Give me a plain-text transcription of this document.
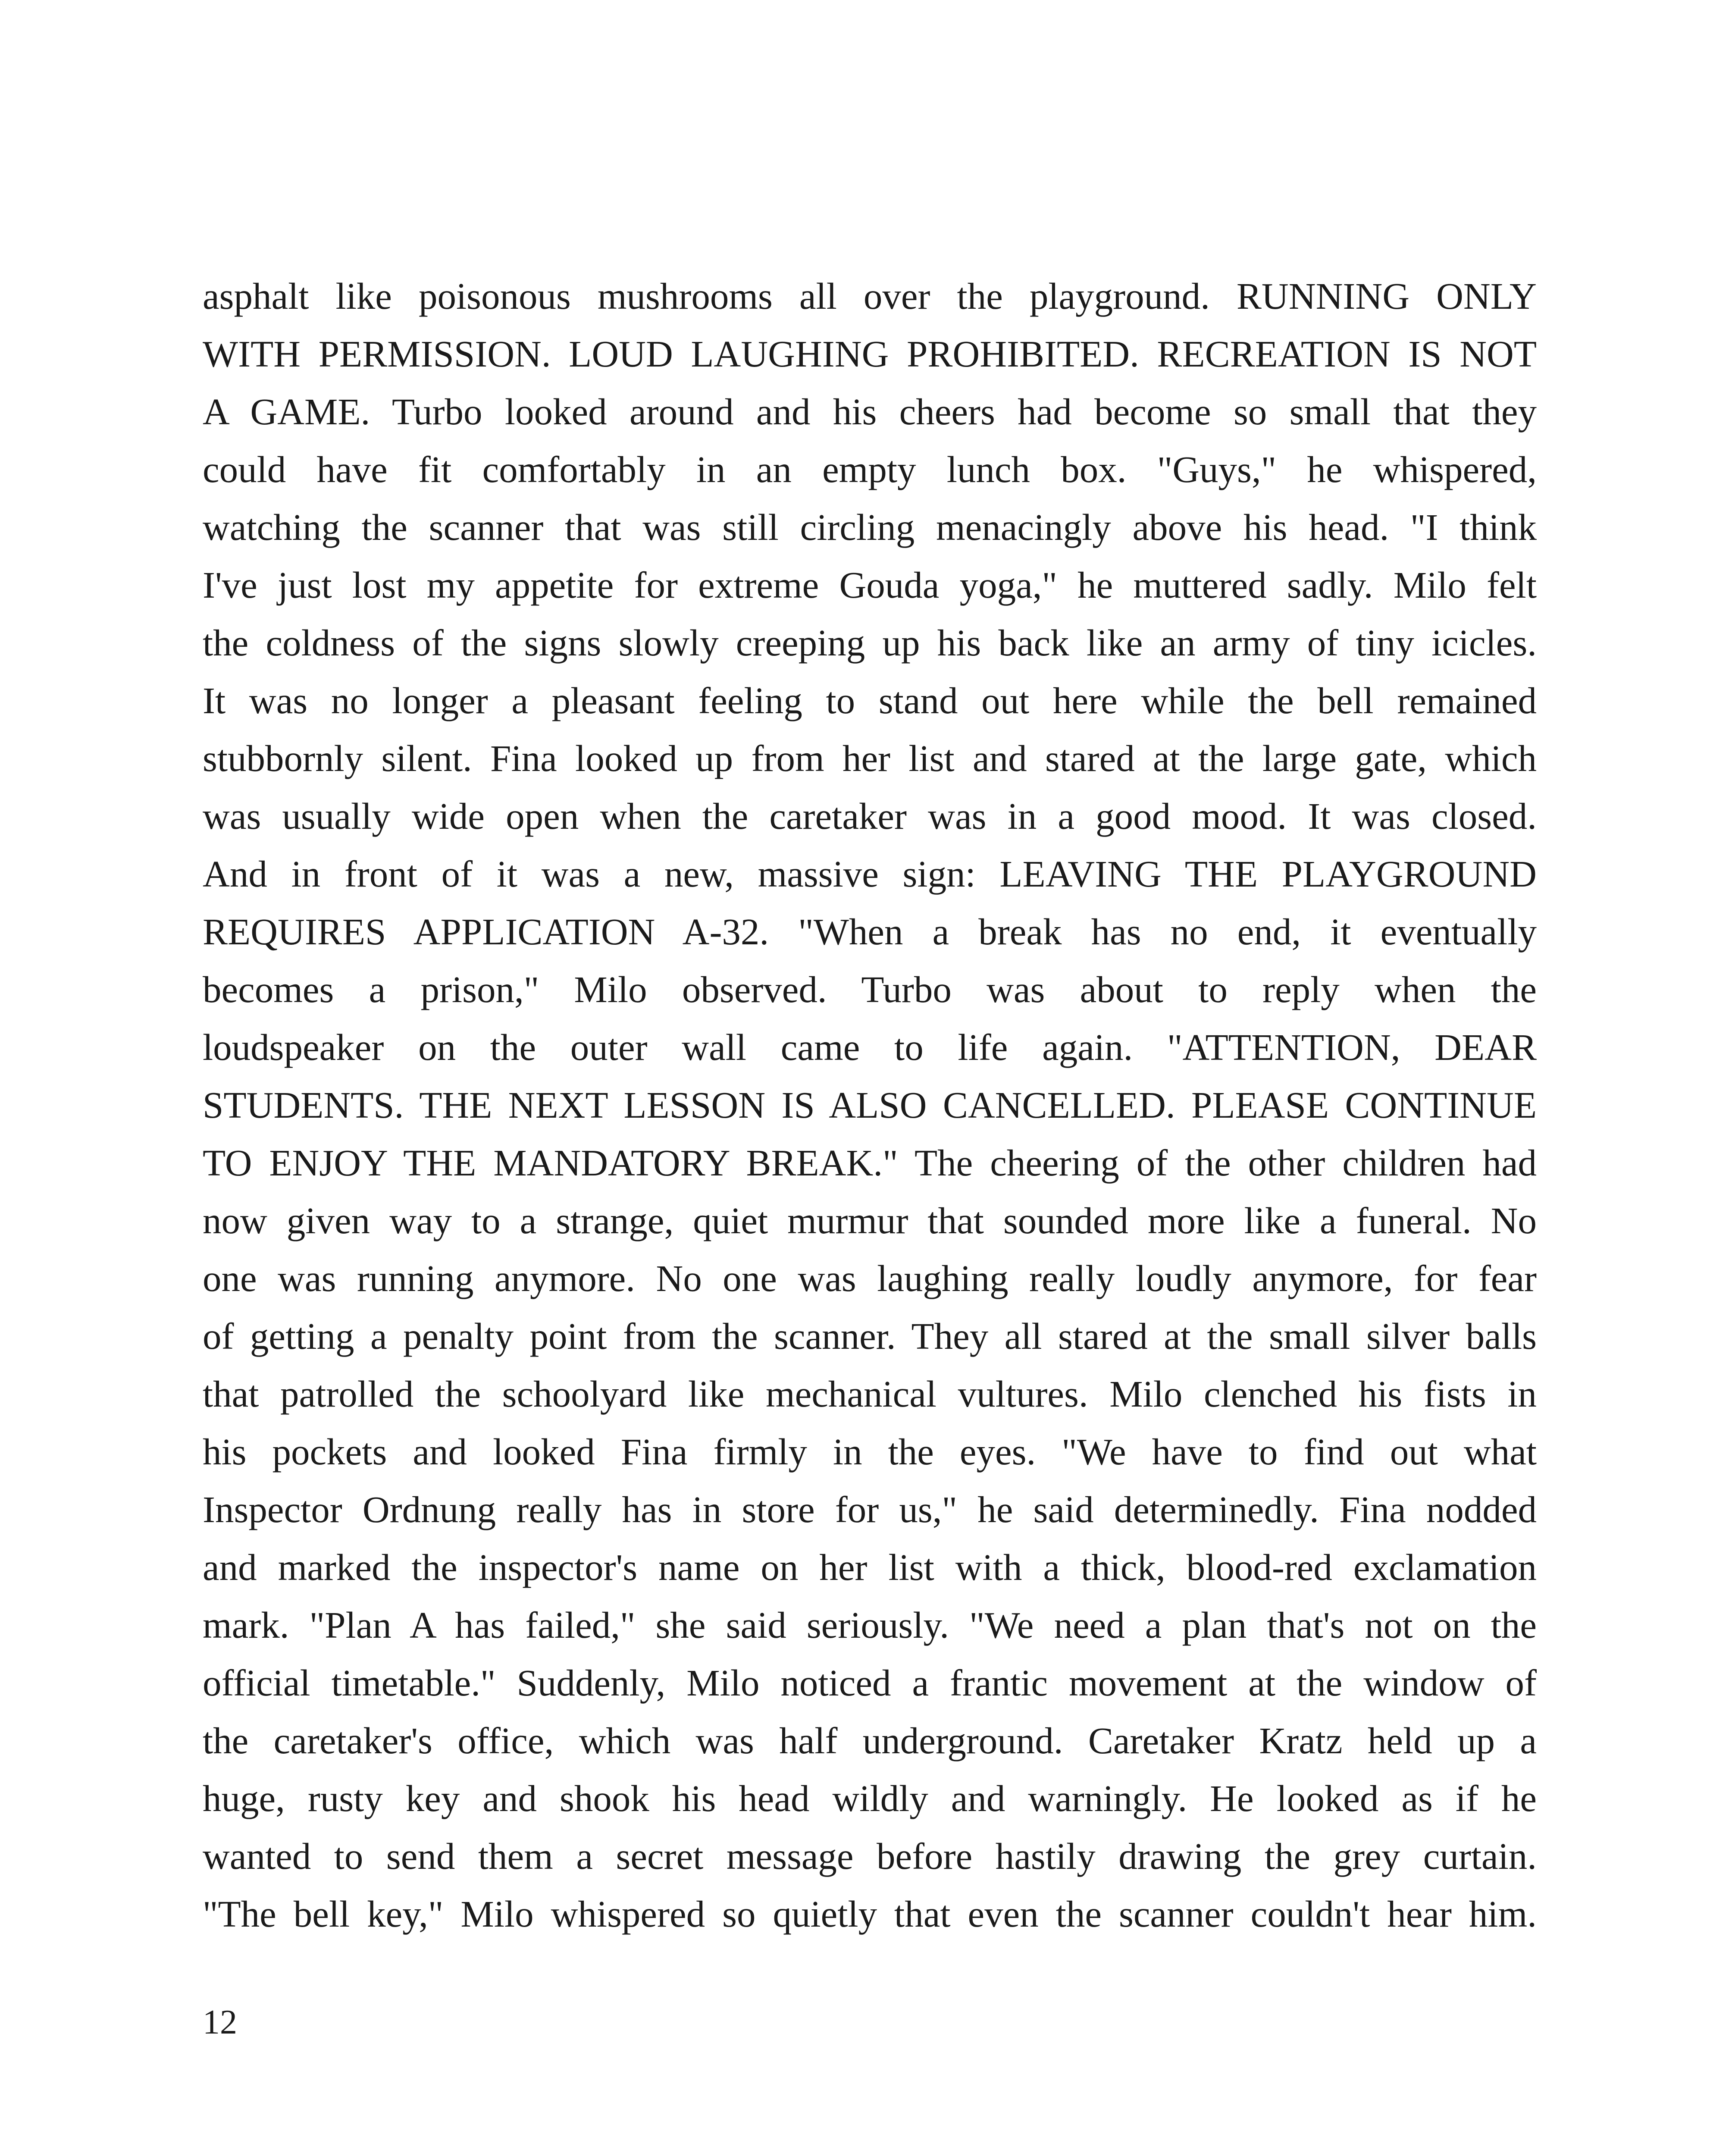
asphalt like poisonous mushrooms all over the playground. RUNNING ONLY
WITH PERMISSION. LOUD LAUGHING PROHIBITED. RECREATION IS NOT
A GAME. Turbo looked around and his cheers had become so small that they
could have fit comfortably in an empty lunch box. "Guys," he whispered,
watching the scanner that was still circling menacingly above his head. "I think
I've just lost my appetite for extreme Gouda yoga," he muttered sadly. Milo felt
the coldness of the signs slowly creeping up his back like an army of tiny icicles.
It was no longer a pleasant feeling to stand out here while the bell remained
stubbornly silent. Fina looked up from her list and stared at the large gate, which
was usually wide open when the caretaker was in a good mood. It was closed.
And in front of it was a new, massive sign: LEAVING THE PLAYGROUND
REQUIRES APPLICATION A-32. "When a break has no end, it eventually
becomes a prison," Milo observed. Turbo was about to reply when the
loudspeaker on the outer wall came to life again. "ATTENTION, DEAR
STUDENTS. THE NEXT LESSON IS ALSO CANCELLED. PLEASE CONTINUE
TO ENJOY THE MANDATORY BREAK." The cheering of the other children had
now given way to a strange, quiet murmur that sounded more like a funeral. No
one was running anymore. No one was laughing really loudly anymore, for fear
of getting a penalty point from the scanner. They all stared at the small silver balls
that patrolled the schoolyard like mechanical vultures. Milo clenched his fists in
his pockets and looked Fina firmly in the eyes. "We have to find out what
Inspector Ordnung really has in store for us," he said determinedly. Fina nodded
and marked the inspector's name on her list with a thick, blood-red exclamation
mark. "Plan A has failed," she said seriously. "We need a plan that's not on the
official timetable." Suddenly, Milo noticed a frantic movement at the window of
the caretaker's office, which was half underground. Caretaker Kratz held up a
huge, rusty key and shook his head wildly and warningly. He looked as if he
wanted to send them a secret message before hastily drawing the grey curtain.
"The bell key," Milo whispered so quietly that even the scanner couldn't hear him.
12
